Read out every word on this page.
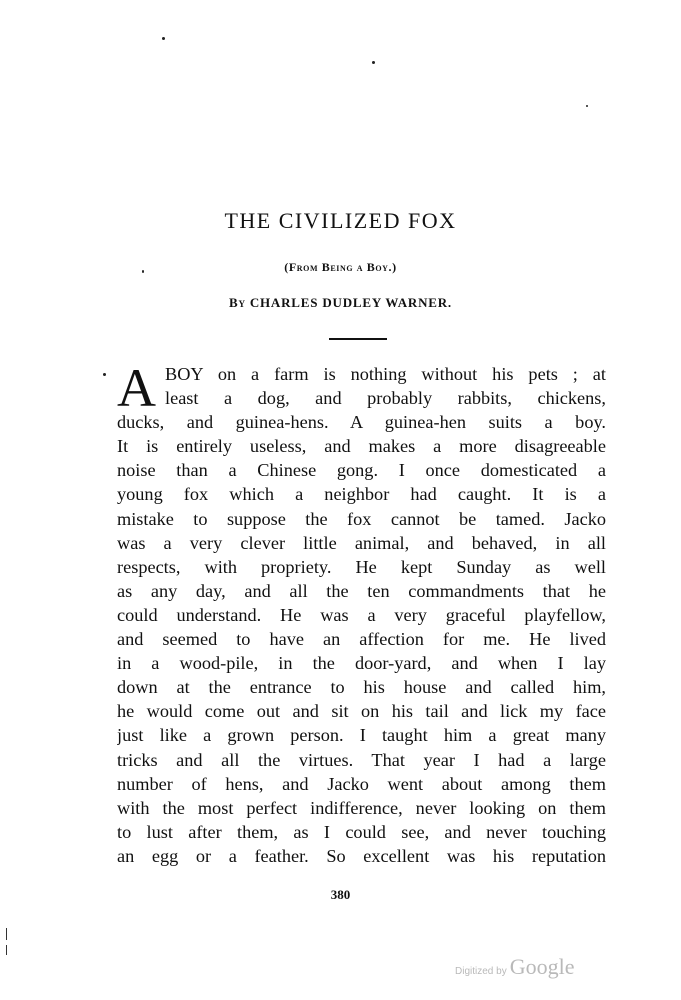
THE CIVILIZED FOX

(From Being a Boy.)

By CHARLES DUDLEY WARNER.

A BOY on a farm is nothing without his pets ; at
least a dog, and probably rabbits, chickens,
ducks, and guinea-hens. A guinea-hen suits a boy.
It is entirely useless, and makes a more disagreeable
noise than a Chinese gong. I once domesticated a
young fox which a neighbor had caught. It is a
mistake to suppose the fox cannot be tamed. Jacko
was a very clever little animal, and behaved, in all
respects, with propriety. He kept Sunday as well
as any day, and all the ten commandments that he
could understand. He was a very graceful playfellow,
and seemed to have an affection for me. He lived
in a wood-pile, in the door-yard, and when I lay
down at the entrance to his house and called him,
he would come out and sit on his tail and lick my face
just like a grown person. I taught him a great many
tricks and all the virtues. That year I had a large
number of hens, and Jacko went about among them
with the most perfect indifference, never looking on them
to lust after them, as I could see, and never touching
an egg or a feather. So excellent was his reputation

380

Digitized by Google
